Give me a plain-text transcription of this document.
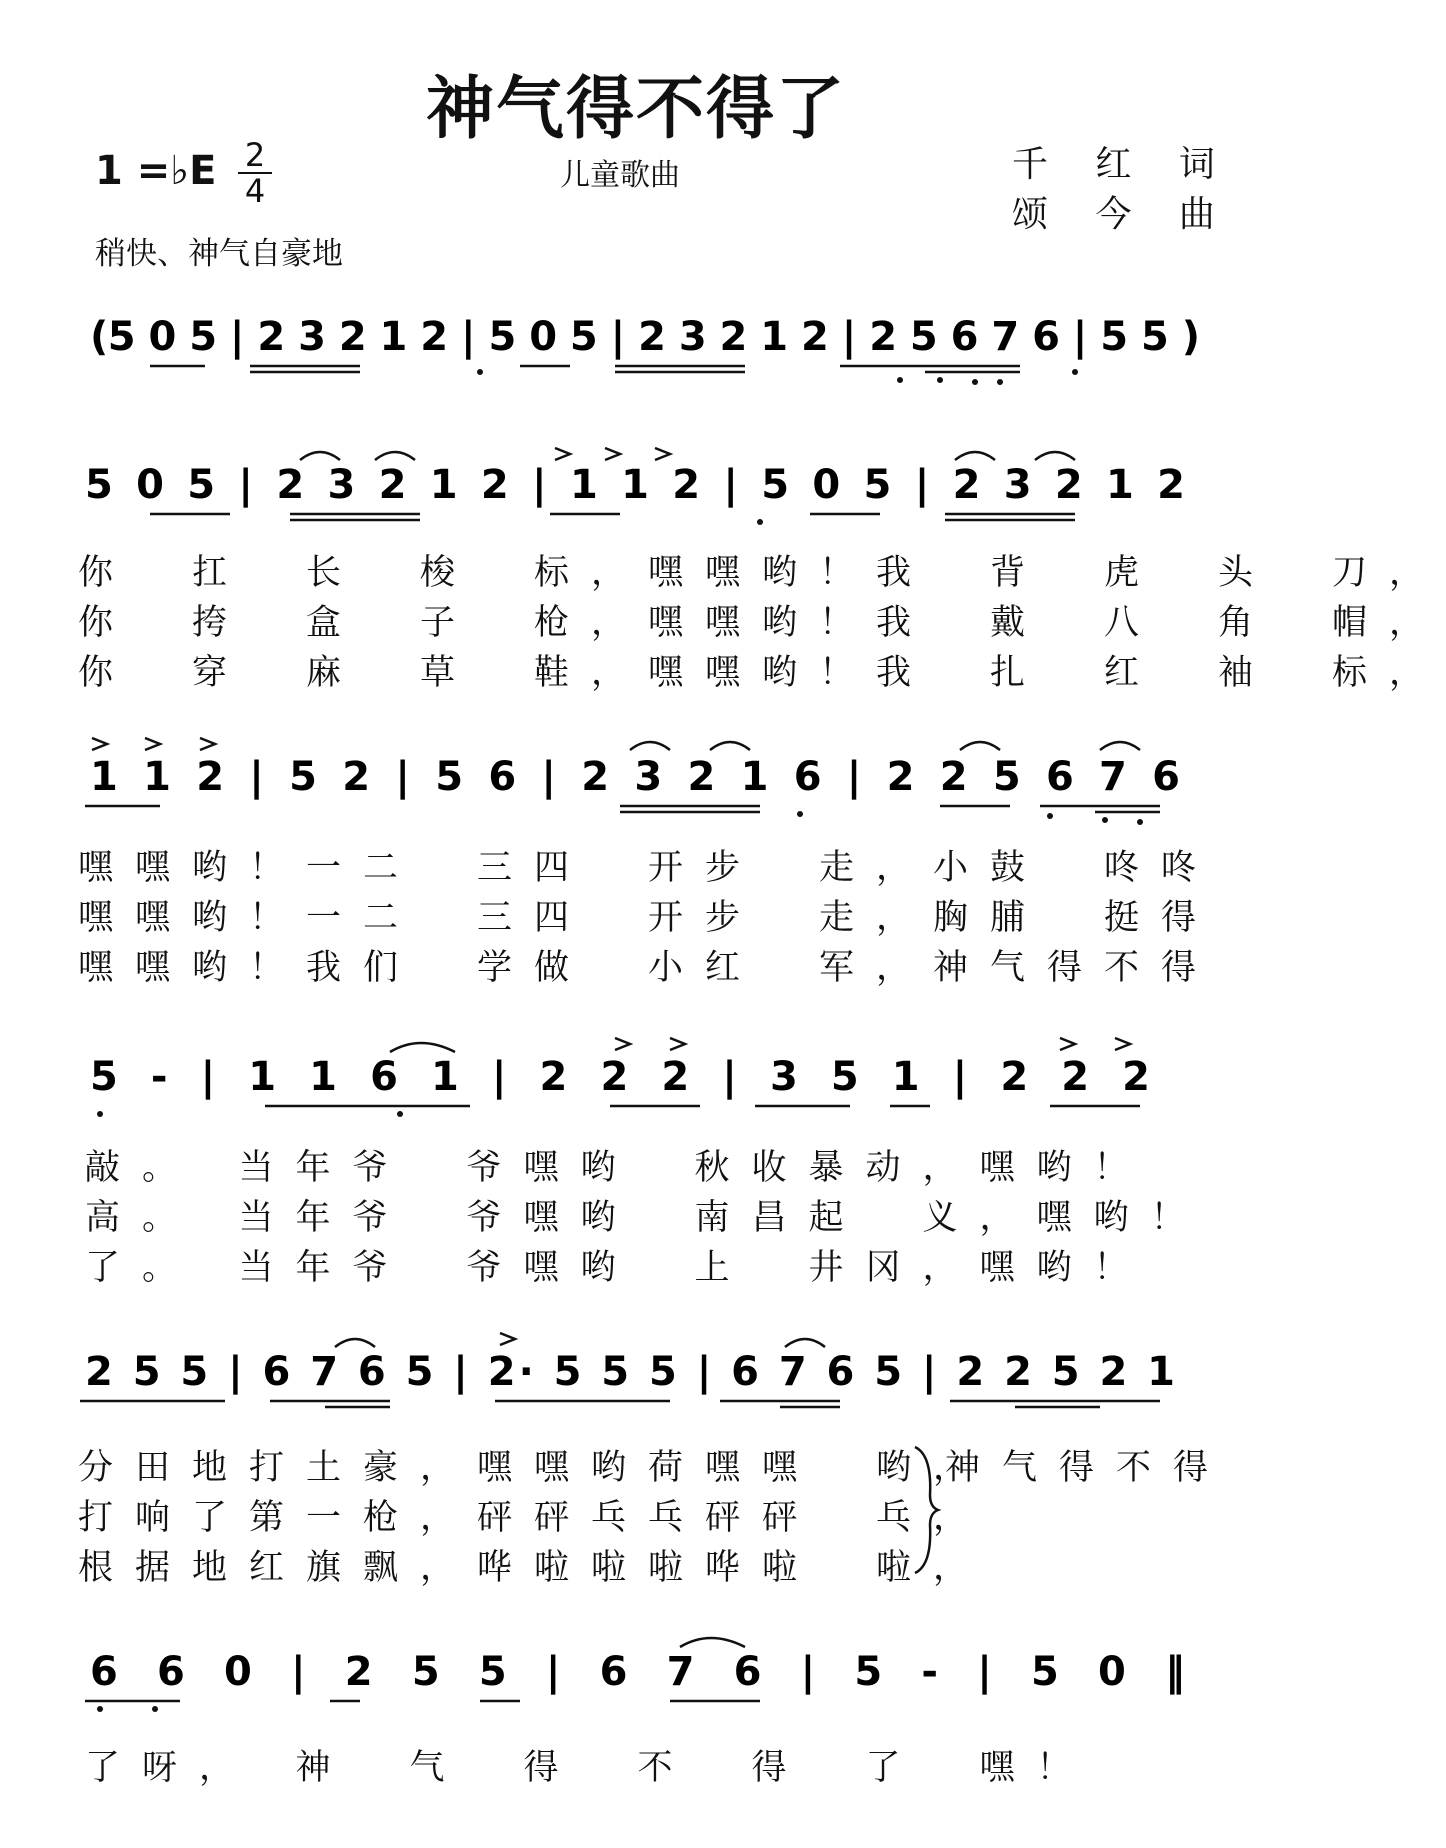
神气得不得了
1 =♭E 2
4	儿童歌曲	千 红 词
颂 今 曲
稍快、神气自豪地
(5 0 5 | 2 3 2 1 2 | 5 0 5 | 2 3 2 1 2 | 2 5 6 7 6 | 5 5 )
5 0 5 | 2 3 2 1 2 | 1 1 2 | 5 0 5 | 2 3 2 1 2
你　扛　长　梭　标，嘿嘿哟！我　背　虎　头　刀，
你　挎　盒　子　枪，嘿嘿哟！我　戴　八　角　帽，
你　穿　麻　草　鞋，嘿嘿哟！我　扎　红　袖　标，
1 1 2 | 5 2 | 5 6 | 2 3 2 1 6 | 2 2 5 6 7 6
嘿嘿哟！一二　三四　开步　走，小鼓　咚咚
嘿嘿哟！一二　三四　开步　走，胸脯　挺得
嘿嘿哟！我们　学做　小红　军，神气得不得
5 - | 1 1 6 1 | 2 2 2 | 3 5 1 | 2 2 2
敲。　当年爷　爷嘿哟　秋收暴动，嘿哟！
高。　当年爷　爷嘿哟　南昌起　义，嘿哟！
了。　当年爷　爷嘿哟　上　井冈，嘿哟！
2 5 5 | 6 7 6 5 | 2· 5 5 5 | 6 7 6 5 | 2 2 5 2 1
分田地打土豪，嘿嘿哟荷嘿嘿　哟，
打响了第一枪，砰砰乓乓砰砰　乓，
根据地红旗飘，哗啦啦啦哗啦　啦，
神气得不得
6 6 0 | 2 5 5 | 6 7 6 | 5 - | 5 0 ‖
了呀，　神　气　得　不　得　了　嘿！
